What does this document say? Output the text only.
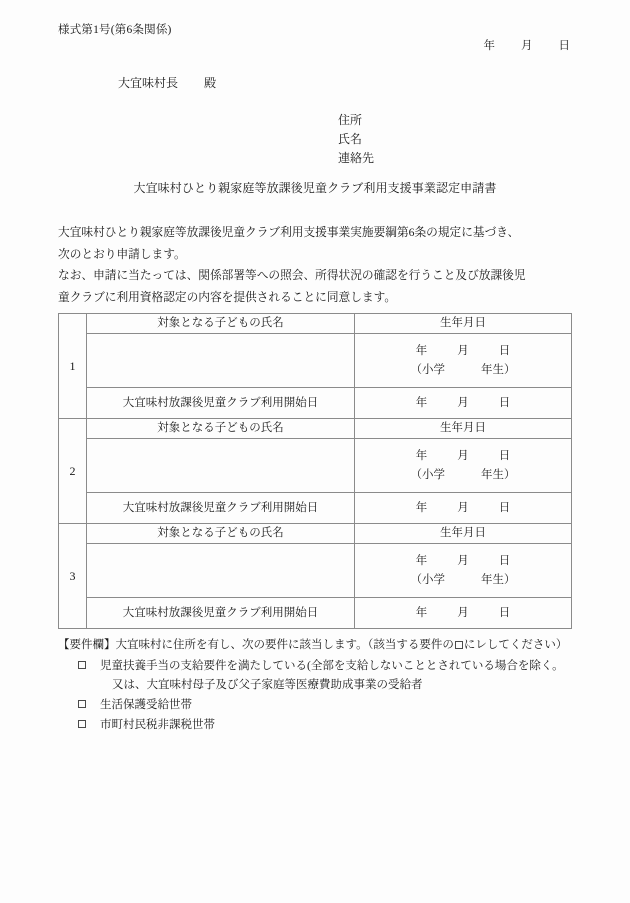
様式第1号(第6条関係)
年 月 日
大宜味村長 殿
住所
氏名
連絡先
大宜味村ひとり親家庭等放課後児童クラブ利用支援事業認定申請書

大宜味村ひとり親家庭等放課後児童クラブ利用支援事業実施要綱第6条の規定に基づき、

次のとおり申請します。

なお、申請に当たっては、関係部署等への照会、所得状況の確認を行うこと及び放課後児

童クラブに利用資格認定の内容を提供されることに同意します。

1	対象となる子どもの氏名	生年月日

		年 月 日
（小学 年生）

	大宜味村放課後児童クラブ利用開始日	年 月 日
2	対象となる子どもの氏名	生年月日

		年 月 日
（小学 年生）

	大宜味村放課後児童クラブ利用開始日	年 月 日
3	対象となる子どもの氏名	生年月日

		年 月 日
（小学 年生）

	大宜味村放課後児童クラブ利用開始日	年 月 日
【要件欄】大宜味村に住所を有し、次の要件に該当します。（該当する要件の にレしてください）
児童扶養手当の支給要件を満たしている(全部を支給しないこととされている場合を除く。
又は、大宜味村母子及び父子家庭等医療費助成事業の受給者
生活保護受給世帯
市町村民税非課税世帯
